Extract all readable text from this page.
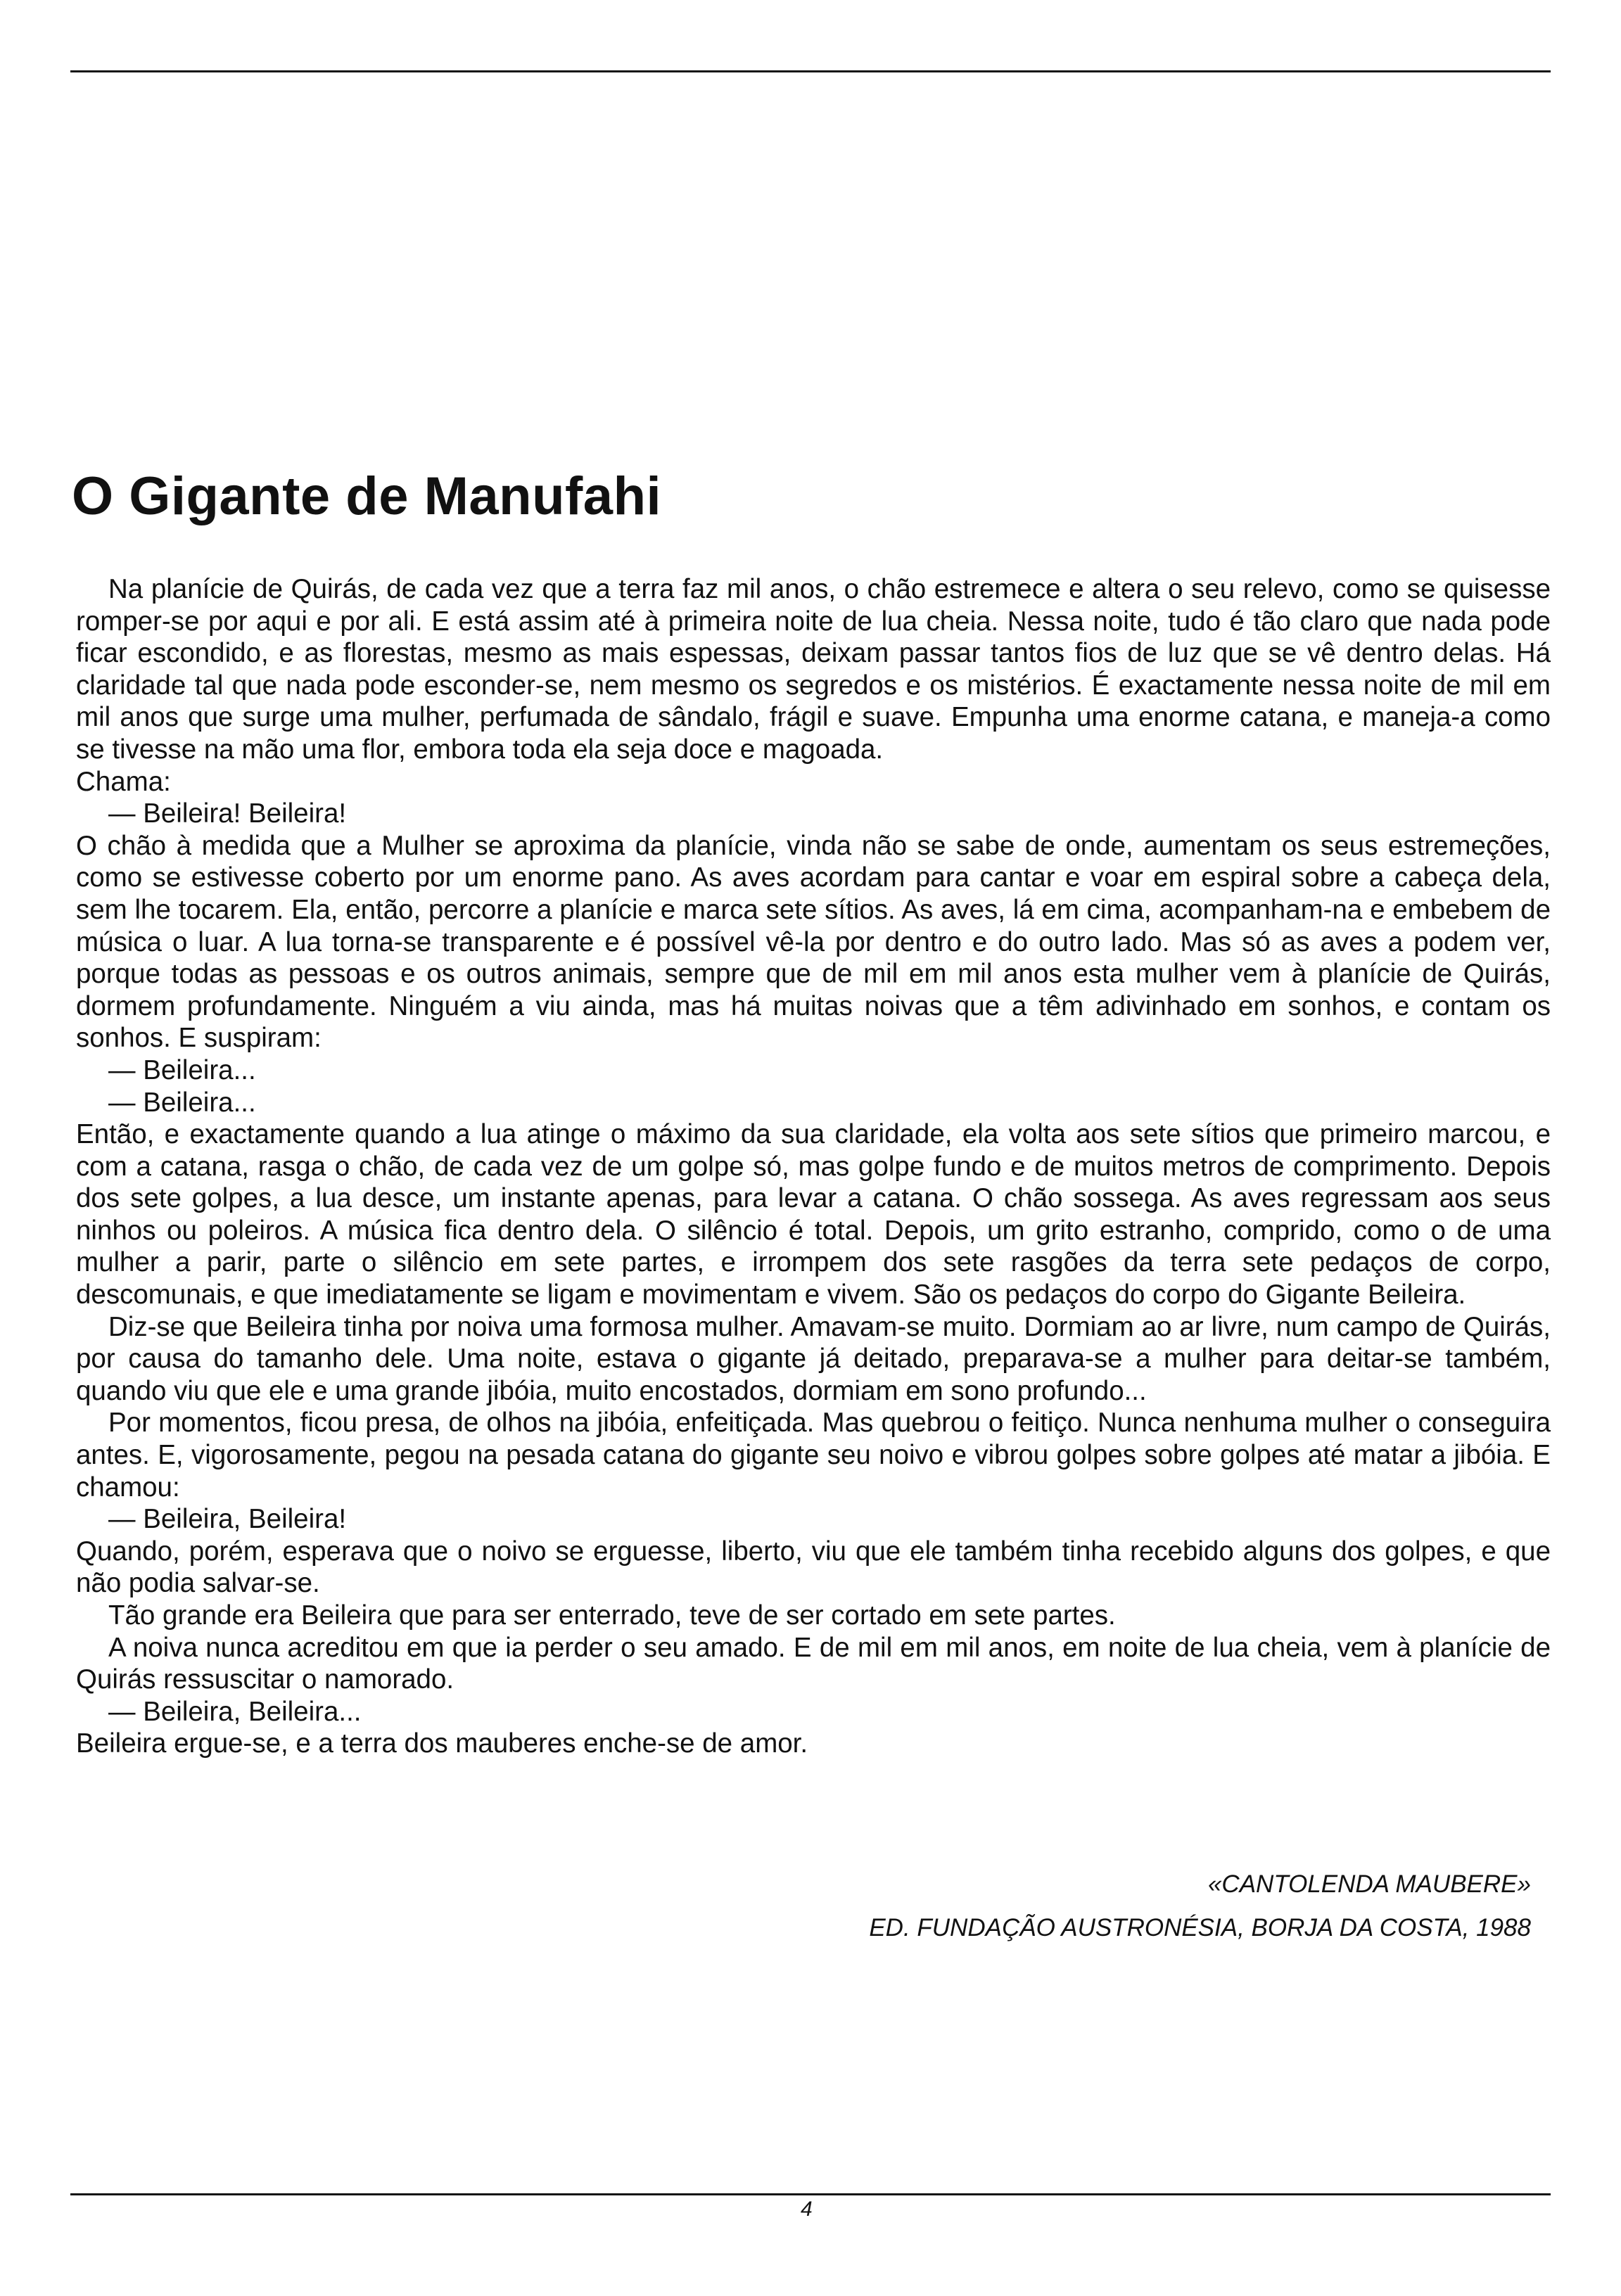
O Gigante de Manufahi

Na planície de Quirás, de cada vez que a terra faz mil anos, o chão estremece e altera o seu relevo, como se quisesse romper-se por aqui e por ali. E está assim até à primeira noite de lua cheia. Nessa noite, tudo é tão claro que nada pode ficar escondido, e as florestas, mesmo as mais espessas, deixam passar tantos fios de luz que se vê dentro delas. Há claridade tal que nada pode esconder-se, nem mesmo os segredos e os mistérios. É exactamente nessa noite de mil em mil anos que surge uma mulher, perfumada de sândalo, frágil e suave. Empunha uma enorme catana, e maneja-a como se tivesse na mão uma flor, embora toda ela seja doce e magoada.

Chama:

— Beileira! Beileira!

O chão à medida que a Mulher se aproxima da planície, vinda não se sabe de onde, aumentam os seus estremeções, como se estivesse coberto por um enorme pano. As aves acordam para cantar e voar em espiral sobre a cabeça dela, sem lhe tocarem. Ela, então, percorre a planície e marca sete sítios. As aves, lá em cima, acompanham-na e embebem de música o luar. A lua torna-se transparente e é possível vê-la por dentro e do outro lado. Mas só as aves a podem ver, porque todas as pessoas e os outros animais, sempre que de mil em mil anos esta mulher vem à planície de Quirás, dormem profundamente. Ninguém a viu ainda, mas há muitas noivas que a têm adivinhado em sonhos, e contam os sonhos. E suspiram:

— Beileira...

— Beileira...

Então, e exactamente quando a lua atinge o máximo da sua claridade, ela volta aos sete sítios que primeiro marcou, e com a catana, rasga o chão, de cada vez de um golpe só, mas golpe fundo e de muitos metros de comprimento. Depois dos sete golpes, a lua desce, um instante apenas, para levar a catana. O chão sossega. As aves regressam aos seus ninhos ou poleiros. A música fica dentro dela. O silêncio é total. Depois, um grito estranho, comprido, como o de uma mulher a parir, parte o silêncio em sete partes, e irrompem dos sete rasgões da terra sete pedaços de corpo, descomunais, e que imediatamente se ligam e movimentam e vivem. São os pedaços do corpo do Gigante Beileira.

Diz-se que Beileira tinha por noiva uma formosa mulher. Amavam-se muito. Dormiam ao ar livre, num campo de Quirás, por causa do tamanho dele. Uma noite, estava o gigante já deitado, preparava-se a mulher para deitar-se também, quando viu que ele e uma grande jibóia, muito encostados, dormiam em sono profundo...

Por momentos, ficou presa, de olhos na jibóia, enfeitiçada. Mas quebrou o feitiço. Nunca nenhuma mulher o conseguira antes. E, vigorosamente, pegou na pesada catana do gigante seu noivo e vibrou golpes sobre golpes até matar a jibóia. E chamou:

— Beileira, Beileira!

Quando, porém, esperava que o noivo se erguesse, liberto, viu que ele também tinha recebido alguns dos golpes, e que não podia salvar-se.

Tão grande era Beileira que para ser enterrado, teve de ser cortado em sete partes.

A noiva nunca acreditou em que ia perder o seu amado. E de mil em mil anos, em noite de lua cheia, vem à planície de Quirás ressuscitar o namorado.

— Beileira, Beileira...

Beileira ergue-se, e a terra dos mauberes enche-se de amor.

«CANTOLENDA MAUBERE»
ED. FUNDAÇÃO AUSTRONÉSIA, BORJA DA COSTA, 1988
4
